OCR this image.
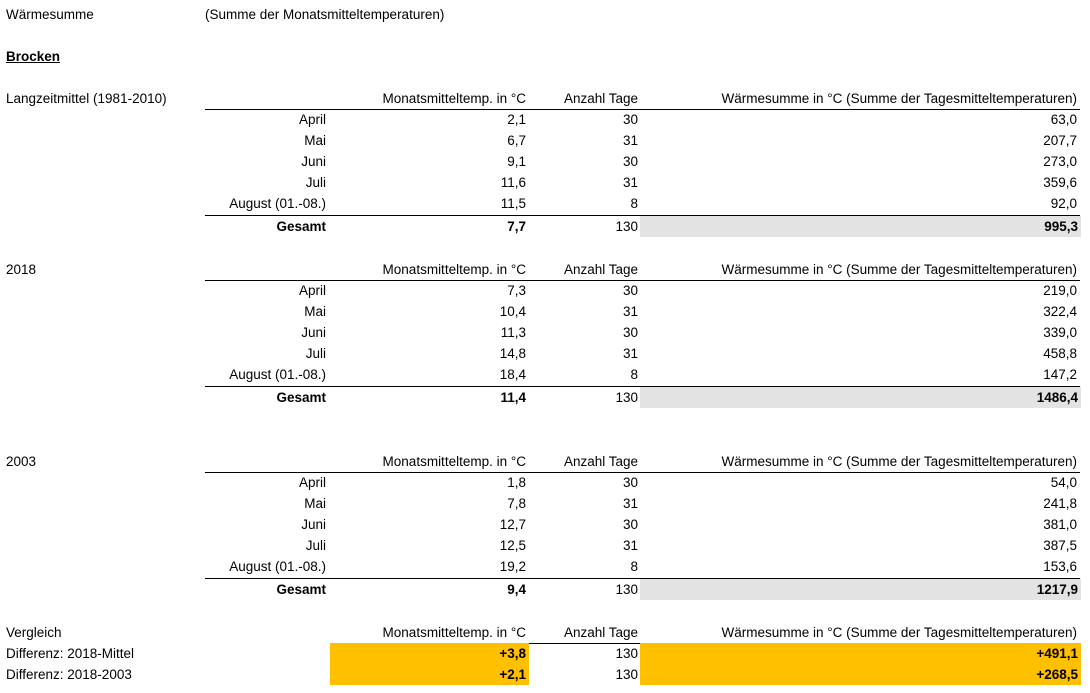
Wärmesumme	(Summe der Monatsmitteltemperaturen)
Brocken
Langzeitmittel (1981-2010)	Monatsmitteltemp. in °C	Anzahl Tage	Wärmesumme in °C (Summe der Tagesmitteltemperaturen)
April	2,1	30	63,0
Mai	6,7	31	207,7
Juni	9,1	30	273,0
Juli	11,6	31	359,6
August (01.-08.)	11,5	8	92,0
Gesamt	7,7	130	995,3
2018	Monatsmitteltemp. in °C	Anzahl Tage	Wärmesumme in °C (Summe der Tagesmitteltemperaturen)
April	7,3	30	219,0
Mai	10,4	31	322,4
Juni	11,3	30	339,0
Juli	14,8	31	458,8
August (01.-08.)	18,4	8	147,2
Gesamt	11,4	130	1486,4
2003	Monatsmitteltemp. in °C	Anzahl Tage	Wärmesumme in °C (Summe der Tagesmitteltemperaturen)
April	1,8	30	54,0
Mai	7,8	31	241,8
Juni	12,7	30	381,0
Juli	12,5	31	387,5
August (01.-08.)	19,2	8	153,6
Gesamt	9,4	130	1217,9
Vergleich	Monatsmitteltemp. in °C	Anzahl Tage	Wärmesumme in °C (Summe der Tagesmitteltemperaturen)
Differenz: 2018-Mittel	+3,8	130	+491,1
Differenz: 2018-2003	+2,1	130	+268,5
